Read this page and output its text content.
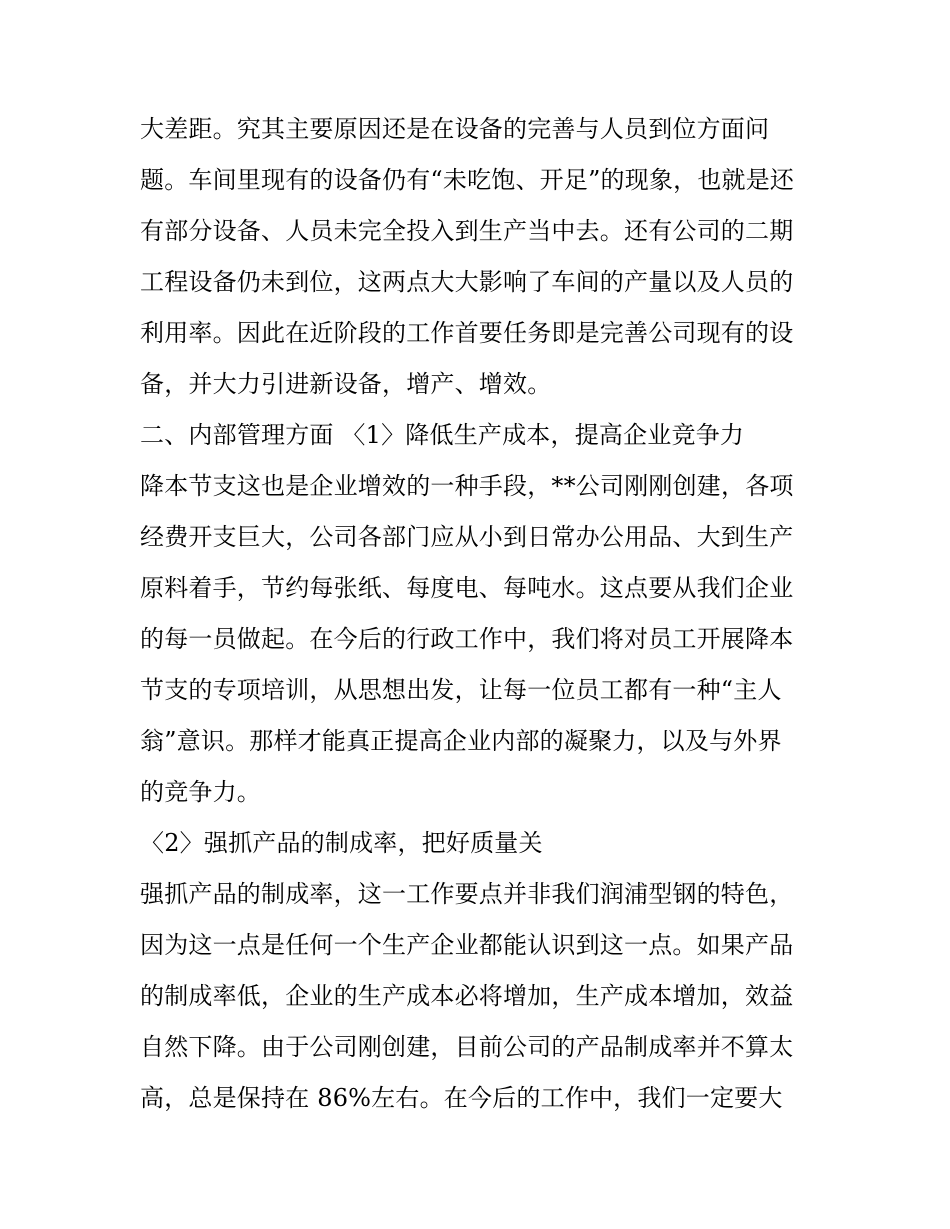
大差距。究其主要原因还是在设备的完善与人员到位方面问
题。车间里现有的设备仍有“未吃饱、开足”的现象，也就是还
有部分设备、人员未完全投入到生产当中去。还有公司的二期
工程设备仍未到位，这两点大大影响了车间的产量以及人员的
利用率。因此在近阶段的工作首要任务即是完善公司现有的设
备，并大力引进新设备，增产、增效。
二、内部管理方面 〈1〉降低生产成本，提高企业竞争力
降本节支这也是企业增效的一种手段，**公司刚刚创建，各项
经费开支巨大，公司各部门应从小到日常办公用品、大到生产
原料着手，节约每张纸、每度电、每吨水。这点要从我们企业
的每一员做起。在今后的行政工作中，我们将对员工开展降本
节支的专项培训，从思想出发，让每一位员工都有一种“主人
翁”意识。那样才能真正提高企业内部的凝聚力，以及与外界
的竞争力。
〈2〉强抓产品的制成率，把好质量关
强抓产品的制成率，这一工作要点并非我们润浦型钢的特色，
因为这一点是任何一个生产企业都能认识到这一点。如果产品
的制成率低，企业的生产成本必将增加，生产成本增加，效益
自然下降。由于公司刚创建，目前公司的产品制成率并不算太
高，总是保持在 86%左右。在今后的工作中，我们一定要大
